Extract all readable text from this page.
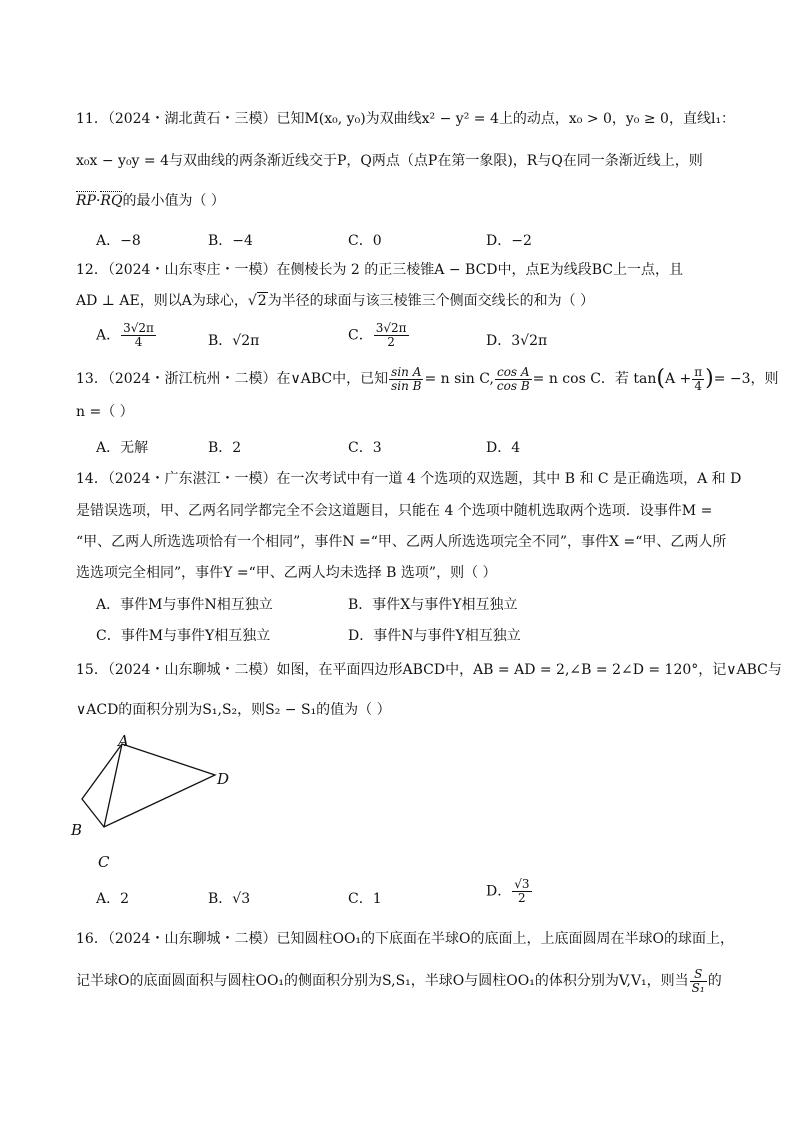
11．（2024・湖北黄石・三模）已知M(x₀, y₀)为双曲线x² − y² = 4上的动点，x₀ > 0，y₀ ≥ 0，直线l₁：
x₀x − y₀y = 4与双曲线的两条渐近线交于P，Q两点（点P在第一象限)，R与Q在同一条渐近线上，则
RP·RQ的最小值为（ ）
A．−8	B．−4	C．0	D．−2
12．（2024・山东枣庄・一模）在侧棱长为 2 的正三棱锥A − BCD中，点E为线段BC上一点，且
AD ⊥ AE，则以A为球心，√2为半径的球面与该三棱锥三个侧面交线长的和为（ ）
A． $\frac{3√2\pi}{4}$	B．√2π	C． $\frac{3√2\pi}{2}$	D．3√2π
13．（2024・浙江杭州・二模）在∨ABC中，已知 $\frac{\text{sin A}}{\text{sin B}} = n$ sin C, $\frac{\text{cos A}}{\text{cos B}} = n$ cos C．若 $\tan(A + \frac{\pi}{4}$ )= −3，则
n =（ ）
A．无解	B．2	C．3	D．4
14．（2024・广东湛江・一模）在一次考试中有一道 4 个选项的双选题，其中 B 和 C 是正确选项，A 和 D
是错误选项，甲、乙两名同学都完全不会这道题目，只能在 4 个选项中随机选取两个选项．设事件M =
“甲、乙两人所选选项恰有一个相同”，事件N =“甲、乙两人所选选项完全不同”，事件X =“甲、乙两人所
选选项完全相同”，事件Y =“甲、乙两人均未选择 B 选项”，则（ ）
A．事件M与事件N相互独立	B．事件X与事件Y相互独立
C．事件M与事件Y相互独立	D．事件N与事件Y相互独立
15．（2024・山东聊城・二模）如图，在平面四边形ABCD中，AB = AD = 2,∠B = 2∠D = 120°，记∨ABC与
∨ACD的面积分别为S₁,S₂，则S₂ − S₁的值为（ ）
A
B
C
D
A．2	B．√3	C．1	D． $\frac{√3}{2}$
16．（2024・山东聊城・二模）已知圆柱OO₁的下底面在半球O的底面上，上底面圆周在半球O的球面上，
记半球O的底面圆面积与圆柱OO₁的侧面积分别为S,S₁，半球O与圆柱OO₁的体积分别为V,V₁，则当 $\frac{S}{\text{S₁}}$ 的
